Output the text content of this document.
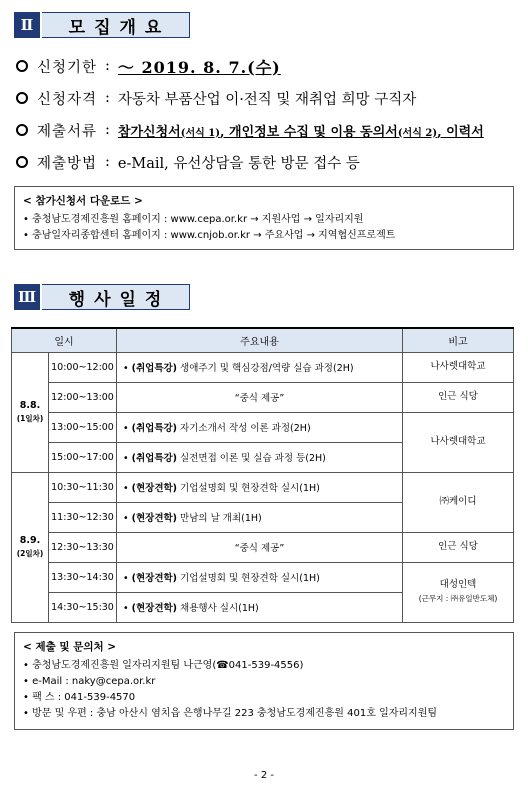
Ⅱ	모집개요
신청기한 : ～ 2019. 8. 7.(수)
신청자격 : 자동차 부품산업 이·전직 및 재취업 희망 구직자
제출서류 : 참가신청서(서식 1), 개인정보 수집 및 이용 동의서(서식 2), 이력서
제출방법 : e-Mail, 유선상담을 통한 방문 접수 등
< 참가신청서 다운로드 >
• 충청남도경제진흥원 홈페이지 : www.cepa.or.kr → 지원사업 → 일자리지원
• 충남일자리종합센터 홈페이지 : www.cnjob.or.kr → 주요사업 → 지역협신프로젝트
Ⅲ	행사일정
일시		주요내용	비고

8.8.
(1일차)	10:00~12:00	• (취업특강) 생애주기 및 핵심강점/역량 실습 과정(2H)	나사렛대학교
	12:00~13:00	“중식 제공”	인근 식당
	13:00~15:00	• (취업특강) 자기소개서 작성 이론 과정(2H)	나사렛대학교
	15:00~17:00	• (취업특강) 실전면접 이론 및 실습 과정 등(2H)	

8.9.
(2일차)	10:30~11:30	• (현장견학) 기업설명회 및 현장견학 실시(1H)	㈜케이디
	11:30~12:30	• (현장견학) 만남의 날 개최(1H)	
	12:30~13:30	“중식 제공”	인근 식당
	13:30~14:30	• (현장견학) 기업설명회 및 현장견학 실시(1H)	대성인텍
(근무지 : ㈜유일반도체)

	14:30~15:30	• (현장견학) 채용행사 실시(1H)	
< 제출 및 문의처 >
• 충청남도경제진흥원 일자리지원팀 나근영(☎041-539-4556)
• e-Mail : naky@cepa.or.kr
• 팩 스 : 041-539-4570
• 방문 및 우편 : 충남 아산시 염치읍 은행나무길 223 충청남도경제진흥원 401호 일자리지원팀
- 2 -
